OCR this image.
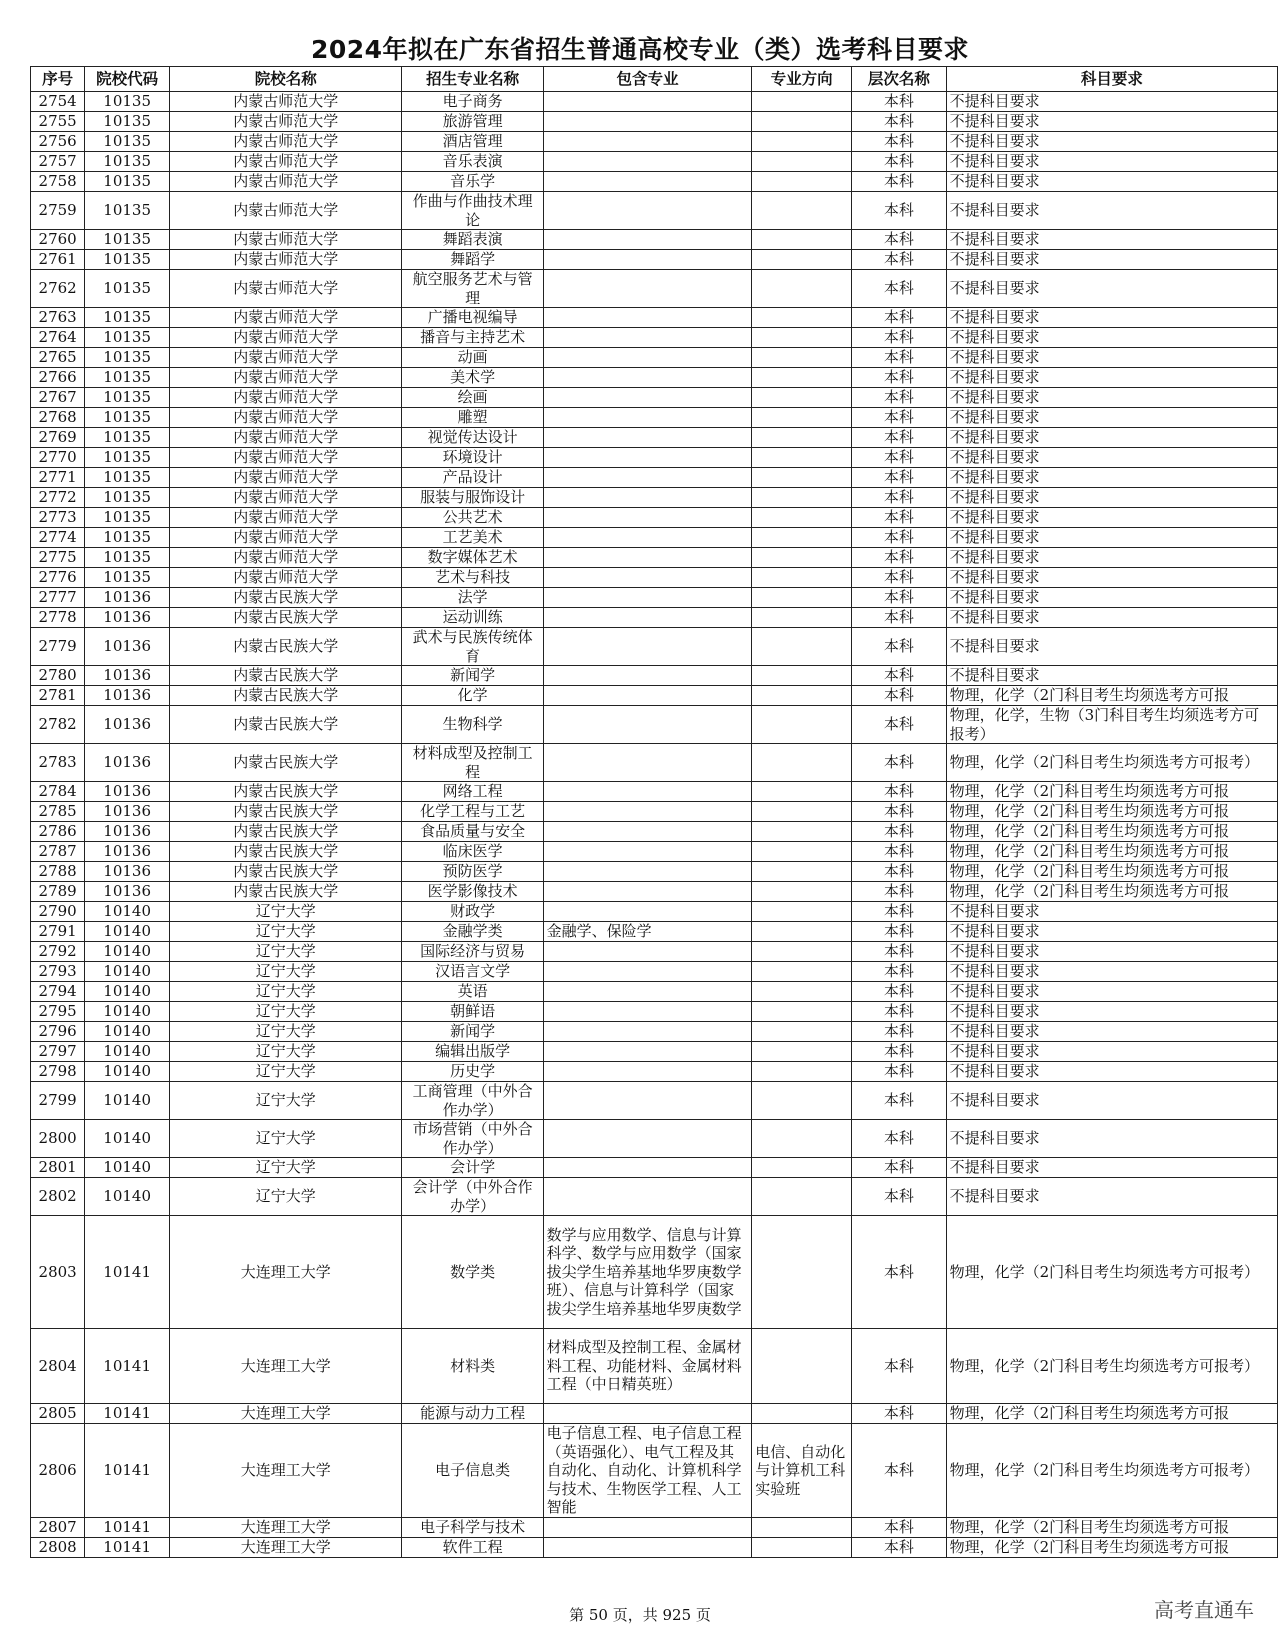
2024年拟在广东省招生普通高校专业（类）选考科目要求
序号	院校代码	院校名称	招生专业名称	包含专业	专业方向	层次名称	科目要求
2754	10135	内蒙古师范大学	电子商务			本科	不提科目要求
2755	10135	内蒙古师范大学	旅游管理			本科	不提科目要求
2756	10135	内蒙古师范大学	酒店管理			本科	不提科目要求
2757	10135	内蒙古师范大学	音乐表演			本科	不提科目要求
2758	10135	内蒙古师范大学	音乐学			本科	不提科目要求
2759	10135	内蒙古师范大学	作曲与作曲技术理论			本科	不提科目要求
2760	10135	内蒙古师范大学	舞蹈表演			本科	不提科目要求
2761	10135	内蒙古师范大学	舞蹈学			本科	不提科目要求
2762	10135	内蒙古师范大学	航空服务艺术与管理			本科	不提科目要求
2763	10135	内蒙古师范大学	广播电视编导			本科	不提科目要求
2764	10135	内蒙古师范大学	播音与主持艺术			本科	不提科目要求
2765	10135	内蒙古师范大学	动画			本科	不提科目要求
2766	10135	内蒙古师范大学	美术学			本科	不提科目要求
2767	10135	内蒙古师范大学	绘画			本科	不提科目要求
2768	10135	内蒙古师范大学	雕塑			本科	不提科目要求
2769	10135	内蒙古师范大学	视觉传达设计			本科	不提科目要求
2770	10135	内蒙古师范大学	环境设计			本科	不提科目要求
2771	10135	内蒙古师范大学	产品设计			本科	不提科目要求
2772	10135	内蒙古师范大学	服装与服饰设计			本科	不提科目要求
2773	10135	内蒙古师范大学	公共艺术			本科	不提科目要求
2774	10135	内蒙古师范大学	工艺美术			本科	不提科目要求
2775	10135	内蒙古师范大学	数字媒体艺术			本科	不提科目要求
2776	10135	内蒙古师范大学	艺术与科技			本科	不提科目要求
2777	10136	内蒙古民族大学	法学			本科	不提科目要求
2778	10136	内蒙古民族大学	运动训练			本科	不提科目要求
2779	10136	内蒙古民族大学	武术与民族传统体育			本科	不提科目要求
2780	10136	内蒙古民族大学	新闻学			本科	不提科目要求
2781	10136	内蒙古民族大学	化学			本科	物理，化学（2门科目考生均须选考方可报
2782	10136	内蒙古民族大学	生物科学			本科	物理，化学，生物（3门科目考生均须选考方可报考）
2783	10136	内蒙古民族大学	材料成型及控制工程			本科	物理，化学（2门科目考生均须选考方可报考）
2784	10136	内蒙古民族大学	网络工程			本科	物理，化学（2门科目考生均须选考方可报
2785	10136	内蒙古民族大学	化学工程与工艺			本科	物理，化学（2门科目考生均须选考方可报
2786	10136	内蒙古民族大学	食品质量与安全			本科	物理，化学（2门科目考生均须选考方可报
2787	10136	内蒙古民族大学	临床医学			本科	物理，化学（2门科目考生均须选考方可报
2788	10136	内蒙古民族大学	预防医学			本科	物理，化学（2门科目考生均须选考方可报
2789	10136	内蒙古民族大学	医学影像技术			本科	物理，化学（2门科目考生均须选考方可报
2790	10140	辽宁大学	财政学			本科	不提科目要求
2791	10140	辽宁大学	金融学类	金融学、保险学		本科	不提科目要求
2792	10140	辽宁大学	国际经济与贸易			本科	不提科目要求
2793	10140	辽宁大学	汉语言文学			本科	不提科目要求
2794	10140	辽宁大学	英语			本科	不提科目要求
2795	10140	辽宁大学	朝鲜语			本科	不提科目要求
2796	10140	辽宁大学	新闻学			本科	不提科目要求
2797	10140	辽宁大学	编辑出版学			本科	不提科目要求
2798	10140	辽宁大学	历史学			本科	不提科目要求
2799	10140	辽宁大学	工商管理（中外合作办学）			本科	不提科目要求
2800	10140	辽宁大学	市场营销（中外合作办学）			本科	不提科目要求
2801	10140	辽宁大学	会计学			本科	不提科目要求
2802	10140	辽宁大学	会计学（中外合作办学）			本科	不提科目要求
2803	10141	大连理工大学	数学类	数学与应用数学、信息与计算科学、数学与应用数学（国家拔尖学生培养基地华罗庚数学班）、信息与计算科学（国家拔尖学生培养基地华罗庚数学		本科	物理，化学（2门科目考生均须选考方可报考）
2804	10141	大连理工大学	材料类	材料成型及控制工程、金属材料工程、功能材料、金属材料工程（中日精英班）		本科	物理，化学（2门科目考生均须选考方可报考）
2805	10141	大连理工大学	能源与动力工程			本科	物理，化学（2门科目考生均须选考方可报
2806	10141	大连理工大学	电子信息类	电子信息工程、电子信息工程（英语强化）、电气工程及其自动化、自动化、计算机科学与技术、生物医学工程、人工智能	电信、自动化与计算机工科实验班	本科	物理，化学（2门科目考生均须选考方可报考）
2807	10141	大连理工大学	电子科学与技术			本科	物理，化学（2门科目考生均须选考方可报
2808	10141	大连理工大学	软件工程			本科	物理，化学（2门科目考生均须选考方可报
第 50 页，共 925 页	高考直通车
